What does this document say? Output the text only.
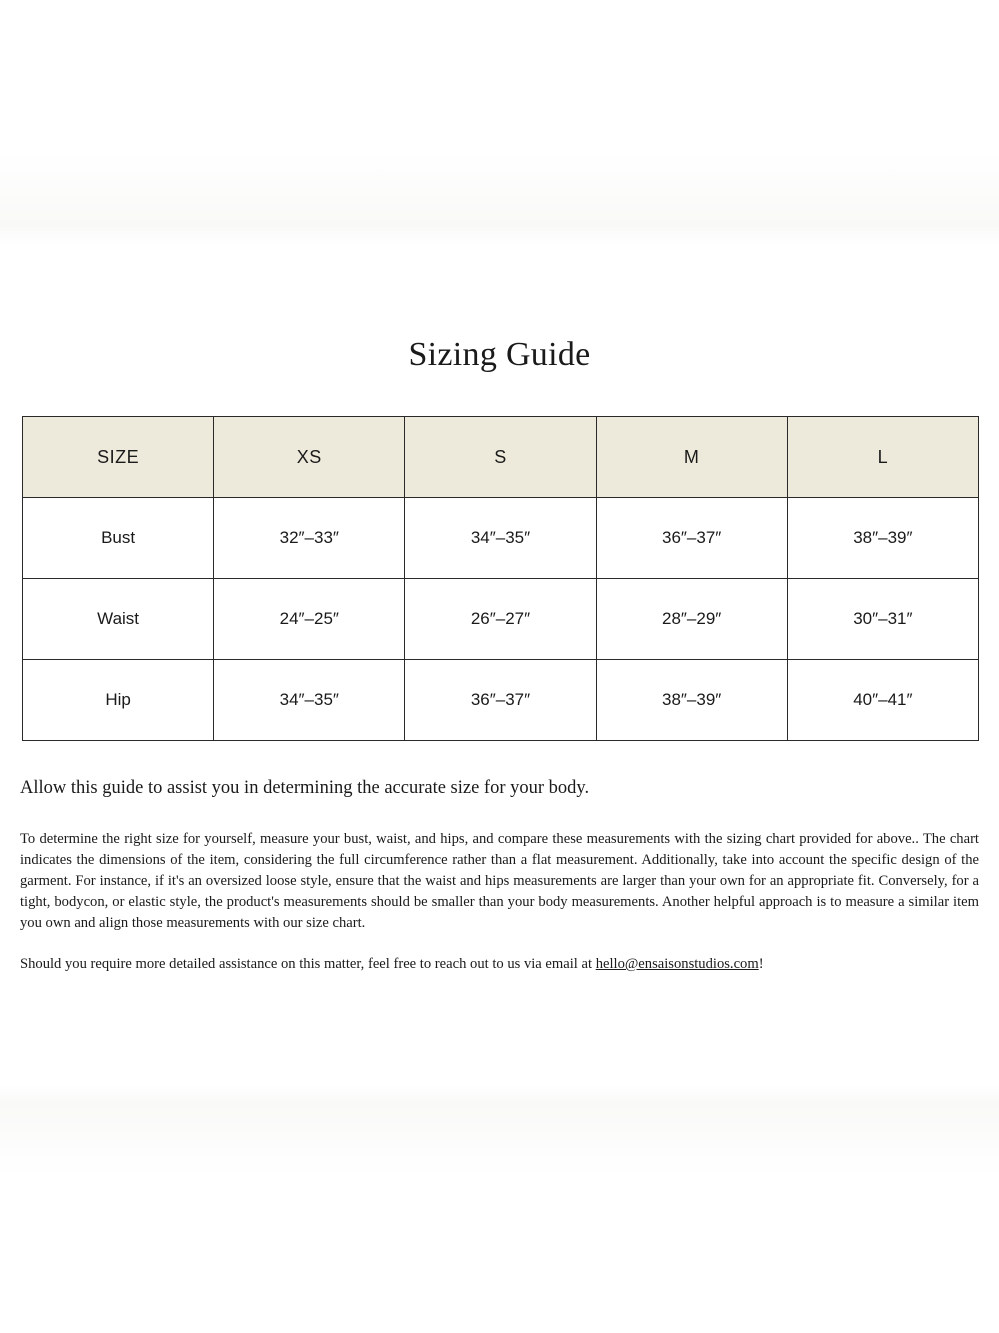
Sizing Guide
SIZE	XS	S	M	L
Bust	32″–33″	34″–35″	36″–37″	38″–39″
Waist	24″–25″	26″–27″	28″–29″	30″–31″
Hip	34″–35″	36″–37″	38″–39″	40″–41″
Allow this guide to assist you in determining the accurate size for your body.
To determine the right size for yourself, measure your bust, waist, and hips, and compare these measurements with the sizing chart provided for above.. The chart indicates the dimensions of the item, considering the full circumference rather than a flat measurement. Additionally, take into account the specific design of the garment. For instance, if it's an oversized loose style, ensure that the waist and hips measurements are larger than your own for an appropriate fit. Conversely, for a tight, bodycon, or elastic style, the product's measurements should be smaller than your body measurements. Another helpful approach is to measure a similar item you own and align those measurements with our size chart.
Should you require more detailed assistance on this matter, feel free to reach out to us via email at hello@ensaisonstudios.com!
